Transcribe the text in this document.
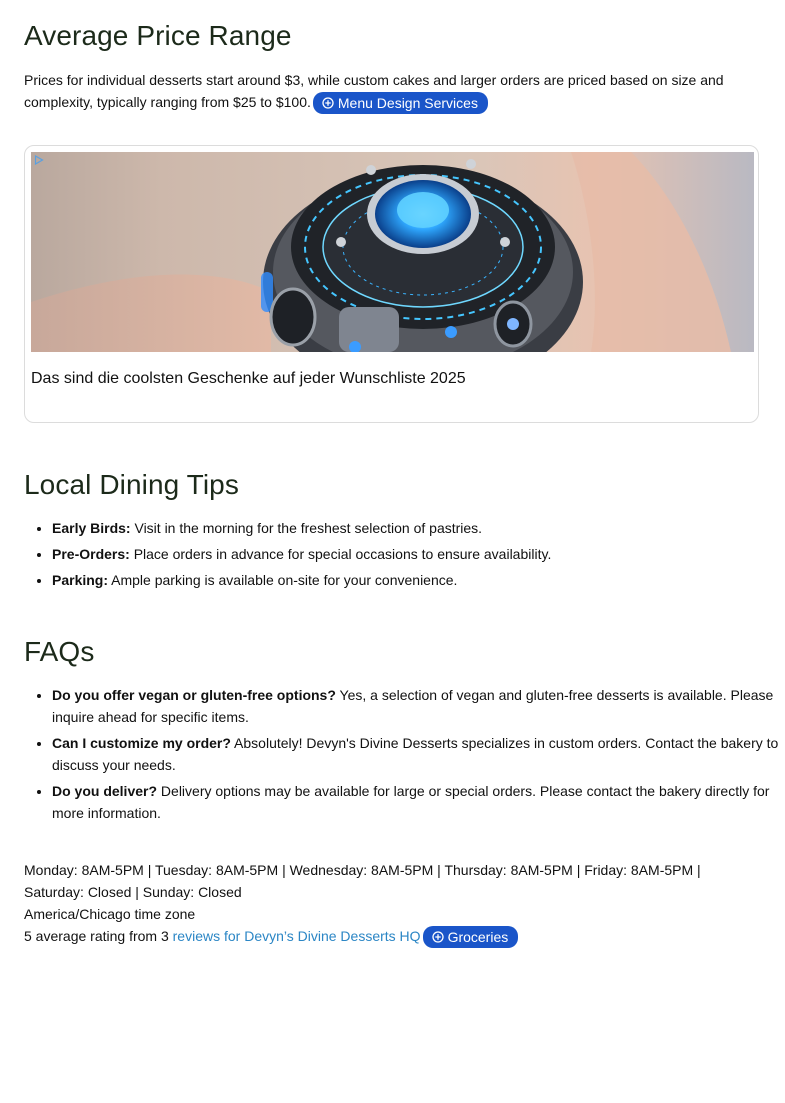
Average Price Range

Prices for individual desserts start around $3, while custom cakes and larger orders are priced based on size and complexity, typically ranging from $25 to $100. Menu Design Services

Das sind die coolsten Geschenke auf jeder Wunschliste 2025
Local Dining Tips
• Early Birds: Visit in the morning for the freshest selection of pastries.
• Pre-Orders: Place orders in advance for special occasions to ensure availability.
• Parking: Ample parking is available on-site for your convenience.
FAQs
• Do you offer vegan or gluten-free options? Yes, a selection of vegan and gluten-free desserts is available. Please inquire ahead for specific items.
• Can I customize my order? Absolutely! Devyn's Divine Desserts specializes in custom orders. Contact the bakery to discuss your needs.
• Do you deliver? Delivery options may be available for large or special orders. Please contact the bakery directly for more information.
Monday: 8AM-5PM | Tuesday: 8AM-5PM | Wednesday: 8AM-5PM | Thursday: 8AM-5PM | Friday: 8AM-5PM | Saturday: Closed | Sunday: Closed
America/Chicago time zone
5 average rating from 3 reviews for Devyn’s Divine Desserts HQ Groceries
